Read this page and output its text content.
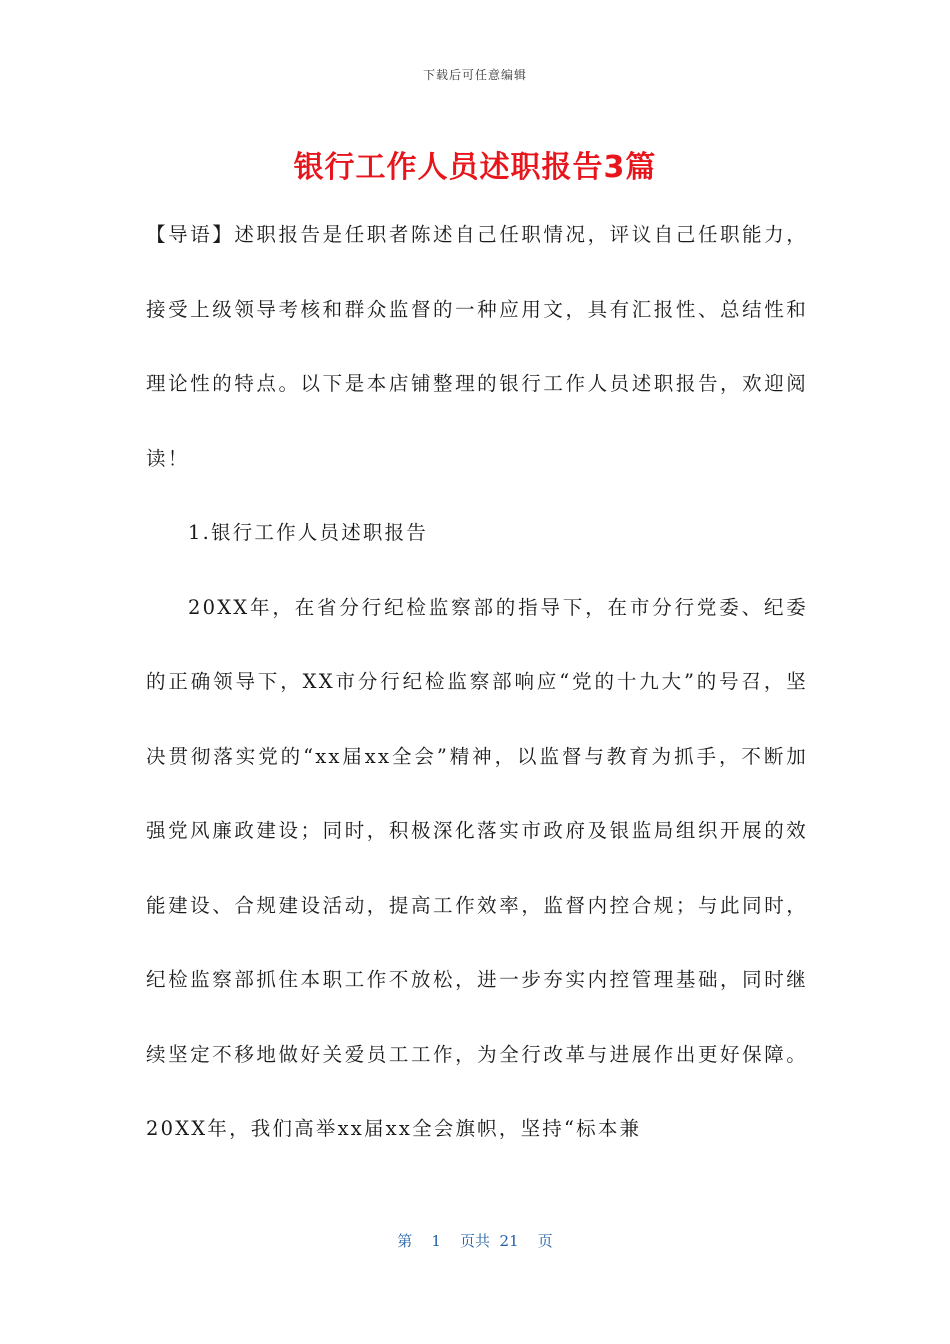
下载后可任意编辑
银行工作人员述职报告3篇

【导语】述职报告是任职者陈述自己任职情况，评议自己任职能力，接受上级领导考核和群众监督的一种应用文，具有汇报性、总结性和理论性的特点。以下是本店铺整理的银行工作人员述职报告，欢迎阅读！

1.银行工作人员述职报告

20XX年，在省分行纪检监察部的指导下，在市分行党委、纪委的正确领导下，XX市分行纪检监察部响应“党的十九大”的号召，坚决贯彻落实党的“xx届xx全会”精神，以监督与教育为抓手，不断加强党风廉政建设；同时，积极深化落实市政府及银监局组织开展的效能建设、合规建设活动，提高工作效率，监督内控合规；与此同时，纪检监察部抓住本职工作不放松，进一步夯实内控管理基础，同时继续坚定不移地做好关爱员工工作，为全行改革与进展作出更好保障。20XX年，我们高举xx届xx全会旗帜，坚持“标本兼

第 1 页共 21 页
